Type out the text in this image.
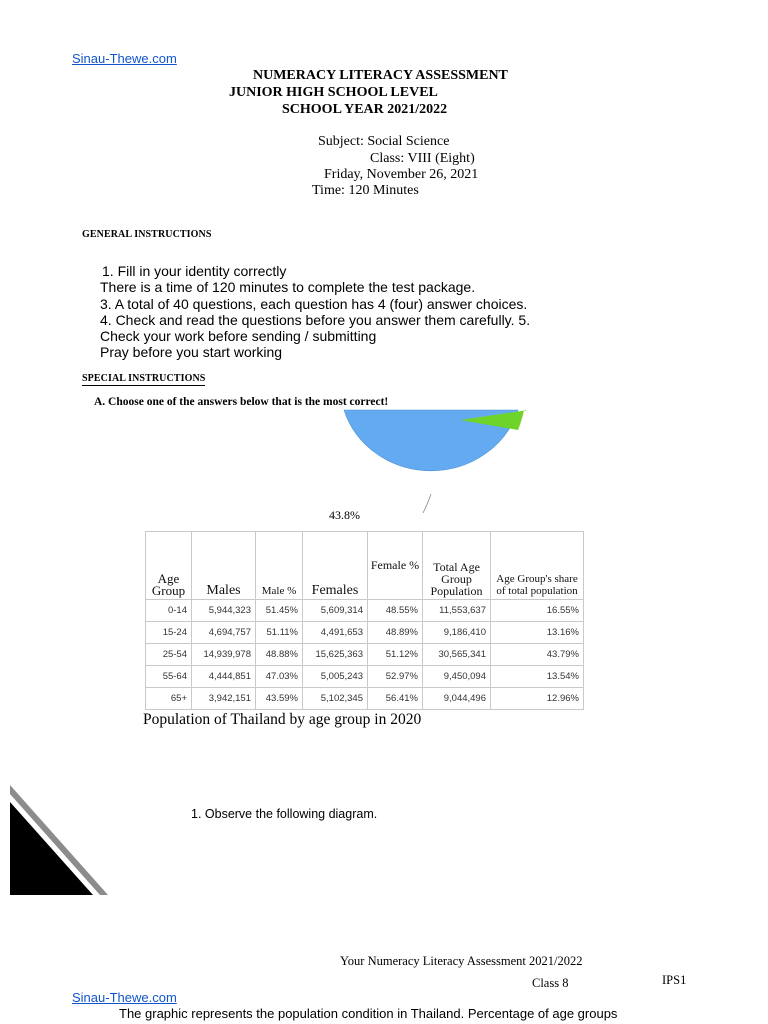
Sinau-Thewe.com
NUMERACY LITERACY ASSESSMENT
JUNIOR HIGH SCHOOL LEVEL
SCHOOL YEAR 2021/2022
Subject: Social Science
Class: VIII (Eight)
Friday, November 26, 2021
Time: 120 Minutes
GENERAL INSTRUCTIONS
1. Fill in your identity correctly
There is a time of 120 minutes to complete the test package.
3. A total of 40 questions, each question has 4 (four) answer choices.
4. Check and read the questions before you answer them carefully. 5.
Check your work before sending / submitting
Pray before you start working
SPECIAL INSTRUCTIONS
A. Choose one of the answers below that is the most correct!
43.8%
Age Group	Males	Male %	Females	Female %	Total Age Group Population	Age Group's share of total population
0-14	5,944,323	51.45%	5,609,314	48.55%	11,553,637	16.55%
15-24	4,694,757	51.11%	4,491,653	48.89%	9,186,410	13.16%
25-54	14,939,978	48.88%	15,625,363	51.12%	30,565,341	43.79%
55-64	4,444,851	47.03%	5,005,243	52.97%	9,450,094	13.54%
65+	3,942,151	43.59%	5,102,345	56.41%	9,044,496	12.96%
Population of Thailand by age group in 2020
1. Observe the following diagram.
Your Numeracy Literacy Assessment 2021/2022
Class 8	IPS1
Sinau-Thewe.com
The graphic represents the population condition in Thailand. Percentage of age groups
